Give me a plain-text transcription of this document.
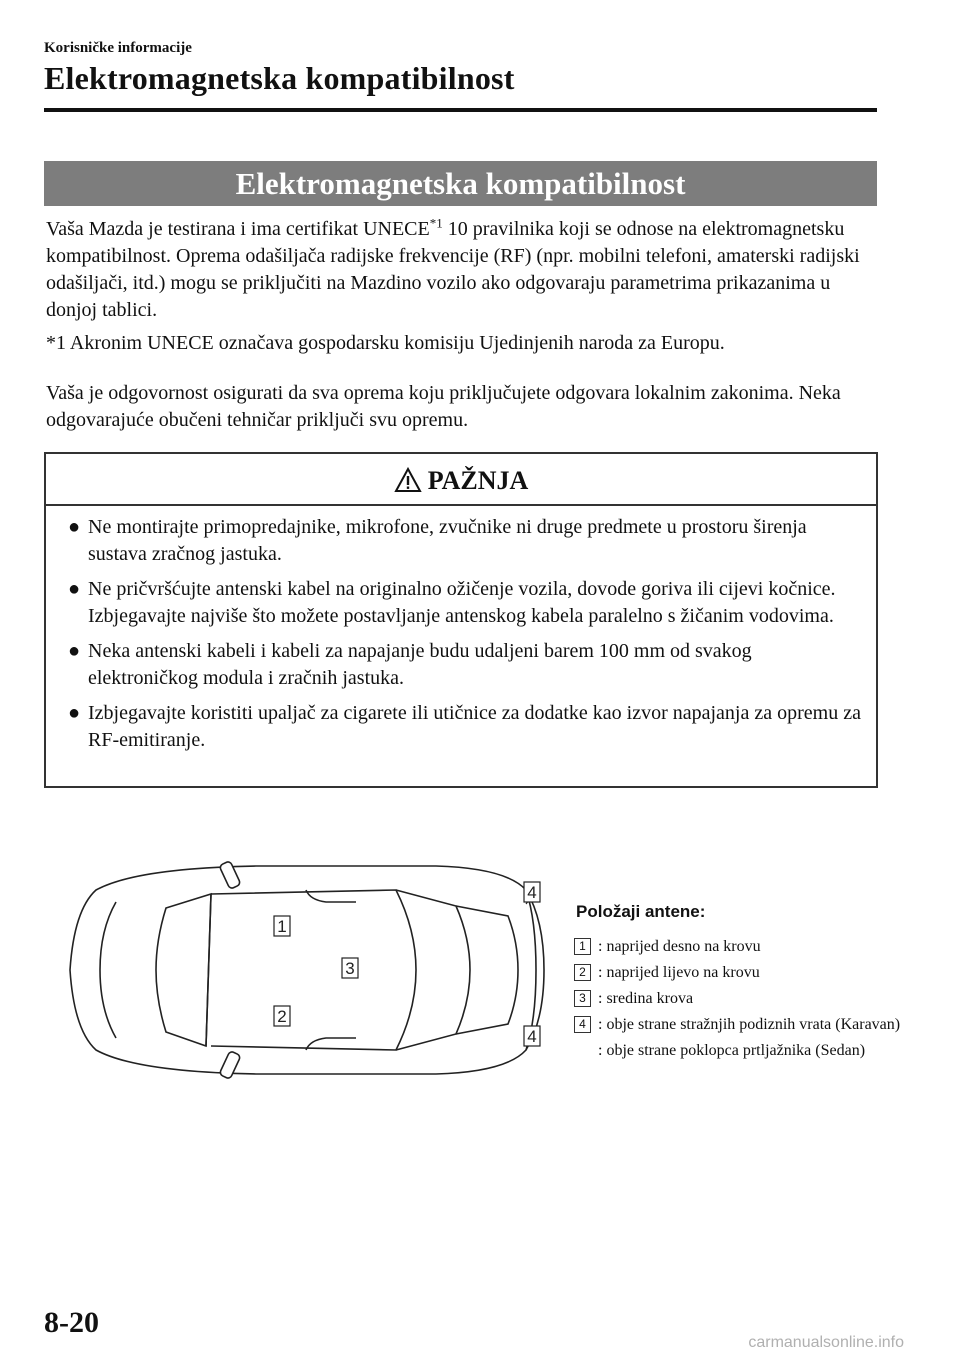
Korisničke informacije
Elektromagnetska kompatibilnost
Elektromagnetska kompatibilnost

Vaša Mazda je testirana i ima certifikat UNECE$^{*1}$ 10 pravilnika koji se odnose na elektromagnetsku kompatibilnost. Oprema odašiljača radijske frekvencije (RF) (npr. mobilni telefoni, amaterski radijski odašiljači, itd.) mogu se priključiti na Mazdino vozilo ako odgovaraju parametrima prikazanima u donjoj tablici.

*1 Akronim UNECE označava gospodarsku komisiju Ujedinjenih naroda za Europu.

Vaša je odgovornost osigurati da sva oprema koju priključujete odgovara lokalnim zakonima. Neka odgovarajuće obučeni tehničar priključi svu opremu.

PAŽNJA
● Ne montirajte primopredajnike, mikrofone, zvučnike ni druge predmete u prostoru širenja sustava zračnog jastuka.
● Ne pričvršćujte antenski kabel na originalno ožičenje vozila, dovode goriva ili cijevi kočnice. Izbjegavajte najviše što možete postavljanje antenskog kabela paralelno s žičanim vodovima.
● Neka antenski kabeli i kabeli za napajanje budu udaljeni barem 100 mm od svakog elektroničkog modula i zračnih jastuka.
● Izbjegavajte koristiti upaljač za cigarete ili utičnice za dodatke kao izvor napajanja za opremu za RF-emitiranje.
1
2
3
4
4
Položaji antene:
1 : naprijed desno na krovu
2 : naprijed lijevo na krovu
3 : sredina krova
4 : obje strane stražnjih podiznih vrata (Karavan)
: obje strane poklopca prtljažnika (Sedan)
8-20
carmanualsonline.info
